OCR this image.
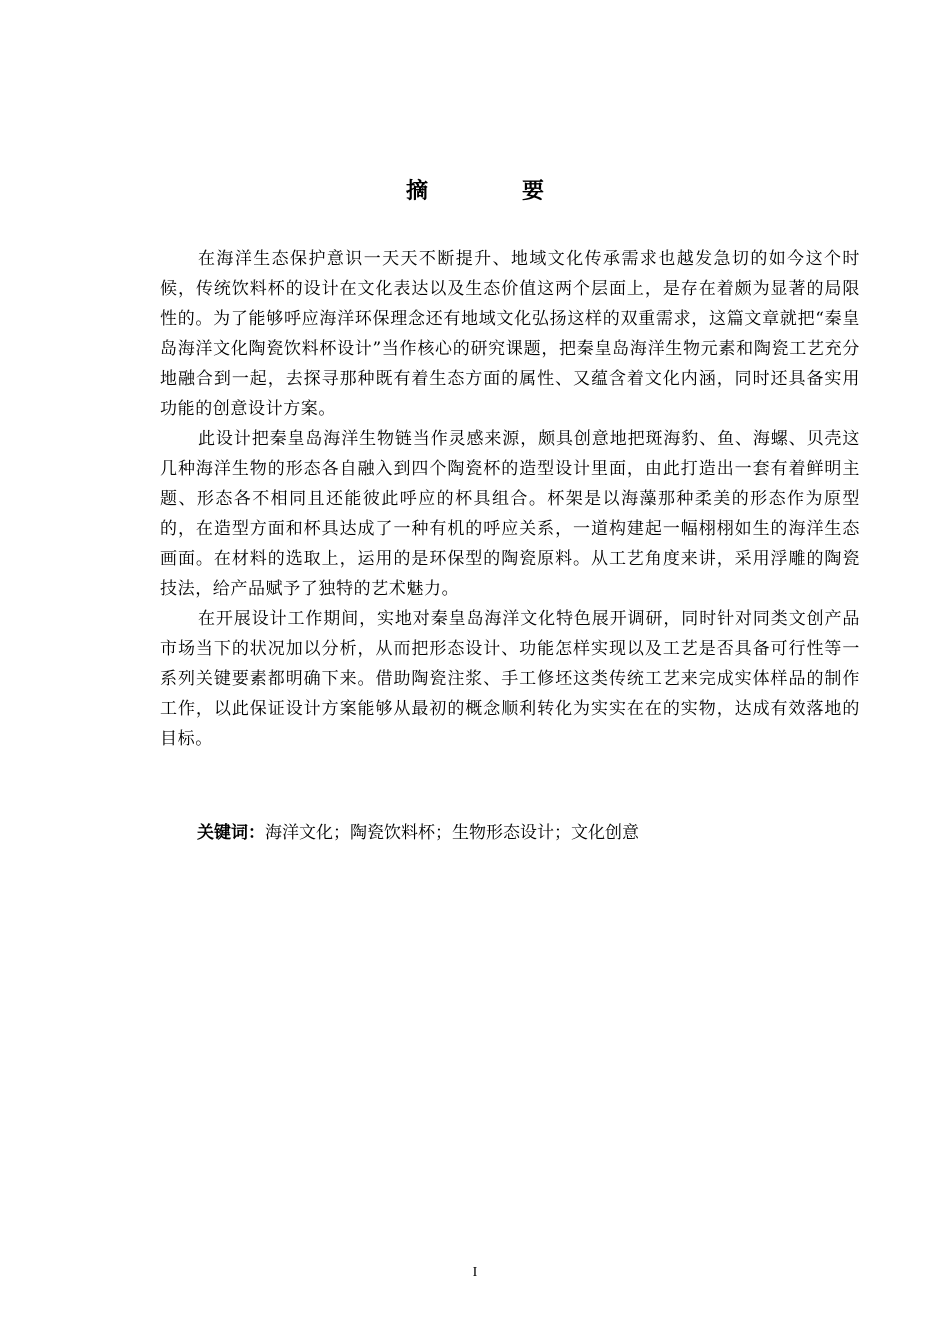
摘　要

在海洋生态保护意识一天天不断提升、地域文化传承需求也越发急切的如今这个时候，传统饮料杯的设计在文化表达以及生态价值这两个层面上，是存在着颇为显著的局限性的。为了能够呼应海洋环保理念还有地域文化弘扬这样的双重需求，这篇文章就把“秦皇岛海洋文化陶瓷饮料杯设计”当作核心的研究课题，把秦皇岛海洋生物元素和陶瓷工艺充分地融合到一起，去探寻那种既有着生态方面的属性、又蕴含着文化内涵，同时还具备实用功能的创意设计方案。

此设计把秦皇岛海洋生物链当作灵感来源，颇具创意地把斑海豹、鱼、海螺、贝壳这几种海洋生物的形态各自融入到四个陶瓷杯的造型设计里面，由此打造出一套有着鲜明主题、形态各不相同且还能彼此呼应的杯具组合。杯架是以海藻那种柔美的形态作为原型的，在造型方面和杯具达成了一种有机的呼应关系，一道构建起一幅栩栩如生的海洋生态画面。在材料的选取上，运用的是环保型的陶瓷原料。从工艺角度来讲，采用浮雕的陶瓷技法，给产品赋予了独特的艺术魅力。

在开展设计工作期间，实地对秦皇岛海洋文化特色展开调研，同时针对同类文创产品市场当下的状况加以分析，从而把形态设计、功能怎样实现以及工艺是否具备可行性等一系列关键要素都明确下来。借助陶瓷注浆、手工修坯这类传统工艺来完成实体样品的制作工作，以此保证设计方案能够从最初的概念顺利转化为实实在在的实物，达成有效落地的目标。

关键词：海洋文化；陶瓷饮料杯；生物形态设计；文化创意
I
